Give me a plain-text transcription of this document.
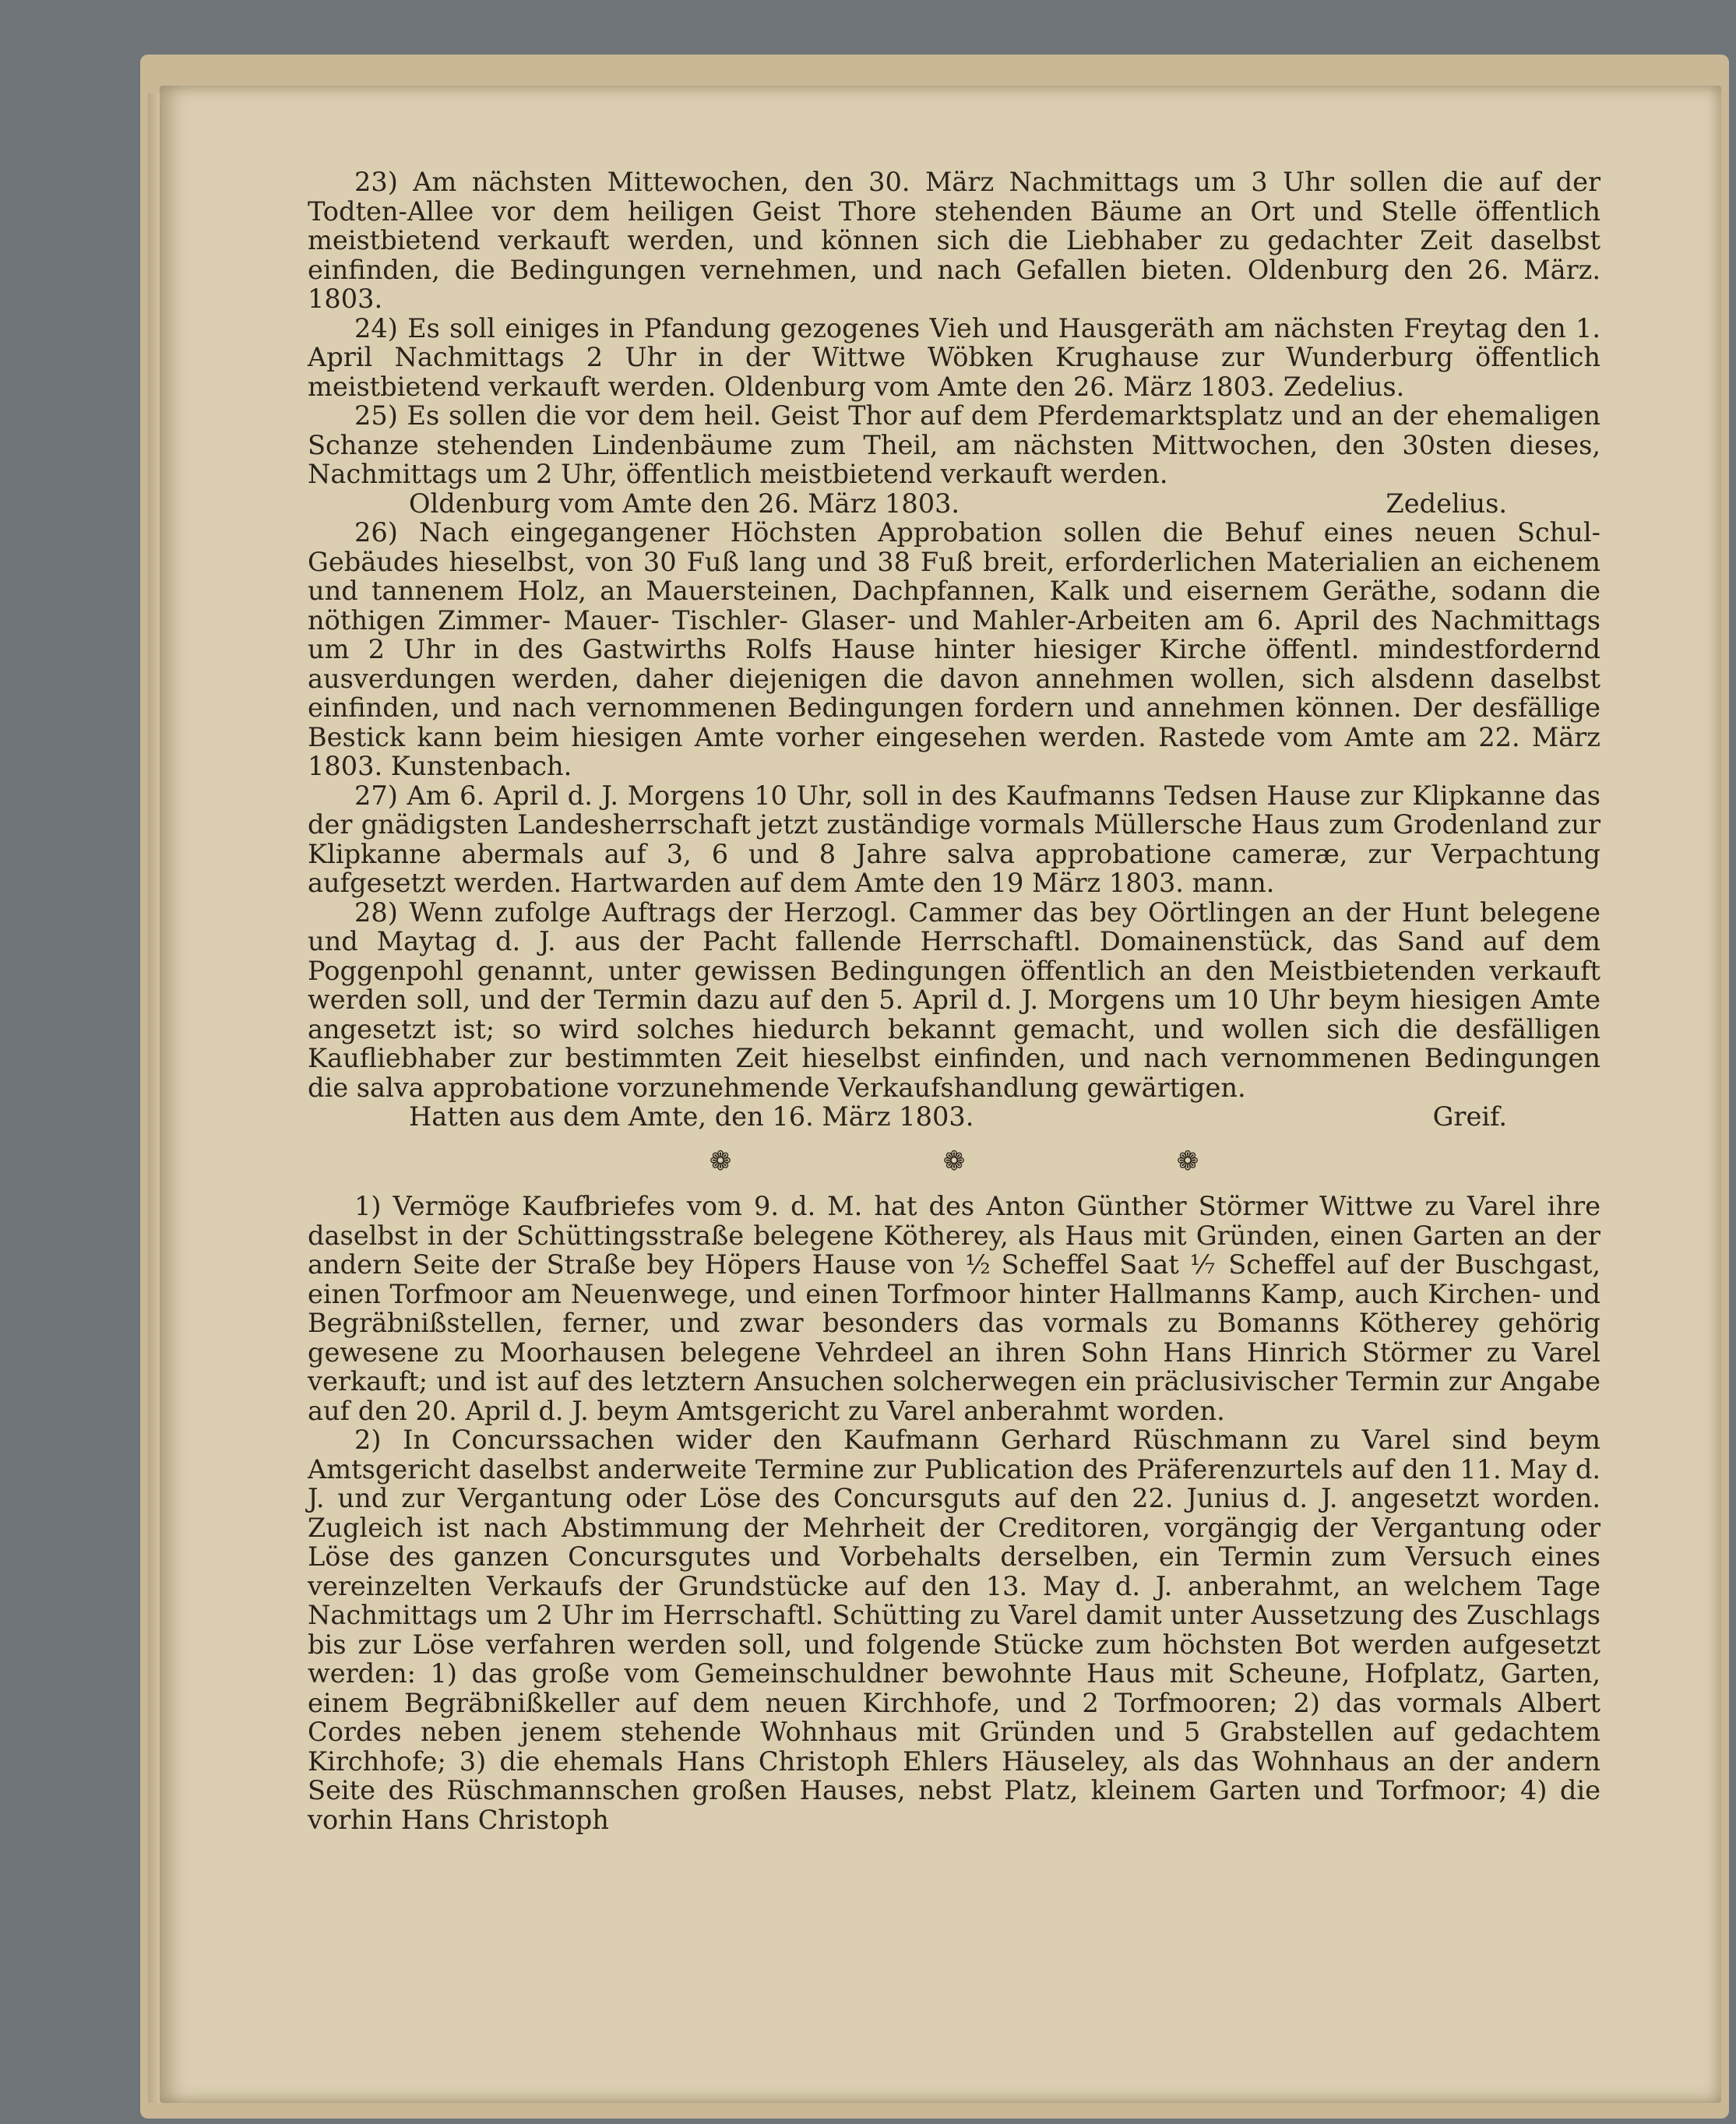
23) Am nächsten Mittewochen, den 30. März Nachmittags um 3 Uhr sollen die auf der Todten-Allee vor dem heiligen Geist Thore stehenden Bäume an Ort und Stelle öffentlich meistbietend verkauft werden, und können sich die Liebhaber zu gedachter Zeit daselbst einfinden, die Bedingungen vernehmen, und nach Gefallen bieten. Oldenburg den 26. März. 1803.

24) Es soll einiges in Pfandung gezogenes Vieh und Hausgeräth am nächsten Freytag den 1. April Nachmittags 2 Uhr in der Wittwe Wöbken Krughause zur Wunderburg öffentlich meistbietend verkauft werden. Oldenburg vom Amte den 26. März 1803. Zedelius.

25) Es sollen die vor dem heil. Geist Thor auf dem Pferdemarktsplatz und an der ehemaligen Schanze stehenden Lindenbäume zum Theil, am nächsten Mittwochen, den 30sten dieses, Nachmittags um 2 Uhr, öffentlich meistbietend verkauft werden.

Oldenburg vom Amte den 26. März 1803.	Zedelius.

26) Nach eingegangener Höchsten Approbation sollen die Behuf eines neuen Schul-Gebäudes hieselbst, von 30 Fuß lang und 38 Fuß breit, erforderlichen Materialien an eichenem und tannenem Holz, an Mauersteinen, Dachpfannen, Kalk und eisernem Geräthe, sodann die nöthigen Zimmer- Mauer- Tischler- Glaser- und Mahler-Arbeiten am 6. April des Nachmittags um 2 Uhr in des Gastwirths Rolfs Hause hinter hiesiger Kirche öffentl. mindestfordernd ausverdungen werden, daher diejenigen die davon annehmen wollen, sich alsdenn daselbst einfinden, und nach vernommenen Bedingungen fordern und annehmen können. Der desfällige Bestick kann beim hiesigen Amte vorher eingesehen werden. Rastede vom Amte am 22. März 1803. Kunstenbach.

27) Am 6. April d. J. Morgens 10 Uhr, soll in des Kaufmanns Tedsen Hause zur Klipkanne das der gnädigsten Landesherrschaft jetzt zuständige vormals Müllersche Haus zum Grodenland zur Klipkanne abermals auf 3, 6 und 8 Jahre salva approbatione cameræ, zur Verpachtung aufgesetzt werden. Hartwarden auf dem Amte den 19 März 1803. mann.

28) Wenn zufolge Auftrags der Herzogl. Cammer das bey Oörtlingen an der Hunt belegene und Maytag d. J. aus der Pacht fallende Herrschaftl. Domainenstück, das Sand auf dem Poggenpohl genannt, unter gewissen Bedingungen öffentlich an den Meistbietenden verkauft werden soll, und der Termin dazu auf den 5. April d. J. Morgens um 10 Uhr beym hiesigen Amte angesetzt ist; so wird solches hiedurch bekannt gemacht, und wollen sich die desfälligen Kaufliebhaber zur bestimmten Zeit hieselbst einfinden, und nach vernommenen Bedingungen die salva approbatione vorzunehmende Verkaufshandlung gewärtigen.

Hatten aus dem Amte, den 16. März 1803.	Greif.

❁	❁	❁

1) Vermöge Kaufbriefes vom 9. d. M. hat des Anton Günther Störmer Wittwe zu Varel ihre daselbst in der Schüttingsstraße belegene Kötherey, als Haus mit Gründen, einen Garten an der andern Seite der Straße bey Höpers Hause von ½ Scheffel Saat ⅐ Scheffel auf der Buschgast, einen Torfmoor am Neuenwege, und einen Torfmoor hinter Hallmanns Kamp, auch Kirchen- und Begräbnißstellen, ferner, und zwar besonders das vormals zu Bomanns Kötherey gehörig gewesene zu Moorhausen belegene Vehrdeel an ihren Sohn Hans Hinrich Störmer zu Varel verkauft; und ist auf des letztern Ansuchen solcherwegen ein präclusivischer Termin zur Angabe auf den 20. April d. J. beym Amtsgericht zu Varel anberahmt worden.

2) In Concurssachen wider den Kaufmann Gerhard Rüschmann zu Varel sind beym Amtsgericht daselbst anderweite Termine zur Publication des Präferenzurtels auf den 11. May d. J. und zur Vergantung oder Löse des Concursguts auf den 22. Junius d. J. angesetzt worden. Zugleich ist nach Abstimmung der Mehrheit der Creditoren, vorgängig der Vergantung oder Löse des ganzen Concursgutes und Vorbehalts derselben, ein Termin zum Versuch eines vereinzelten Verkaufs der Grundstücke auf den 13. May d. J. anberahmt, an welchem Tage Nachmittags um 2 Uhr im Herrschaftl. Schütting zu Varel damit unter Aussetzung des Zuschlags bis zur Löse verfahren werden soll, und folgende Stücke zum höchsten Bot werden aufgesetzt werden: 1) das große vom Gemeinschuldner bewohnte Haus mit Scheune, Hofplatz, Garten, einem Begräbnißkeller auf dem neuen Kirchhofe, und 2 Torfmooren; 2) das vormals Albert Cordes neben jenem stehende Wohnhaus mit Gründen und 5 Grabstellen auf gedachtem Kirchhofe; 3) die ehemals Hans Christoph Ehlers Häuseley, als das Wohnhaus an der andern Seite des Rüschmannschen großen Hauses, nebst Platz, kleinem Garten und Torfmoor; 4) die vorhin Hans Christoph
